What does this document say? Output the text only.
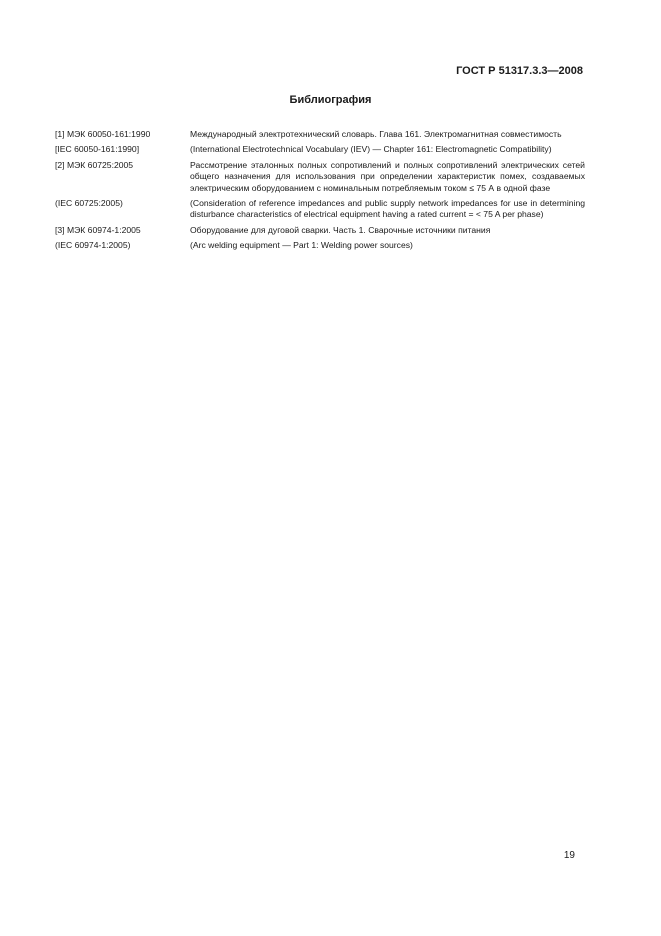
ГОСТ Р 51317.3.3—2008
Библиография
[1] МЭК 60050-161:1990	Международный электротехнический словарь. Глава 161. Электромагнитная совместимость
[IEC 60050-161:1990]	(International Electrotechnical Vocabulary (IEV) — Chapter 161: Electromagnetic Compatibility)
[2] МЭК 60725:2005	Рассмотрение эталонных полных сопротивлений и полных сопротивлений электрических сетей общего назначения для использования при определении характеристик помех, создаваемых электрическим оборудованием с номинальным потребляемым током ≤ 75 А в одной фазе
(IEC 60725:2005)	(Consideration of reference impedances and public supply network impedances for use in determining disturbance characteristics of electrical equipment having a rated current = < 75 A per phase)
[3] МЭК 60974-1:2005	Оборудование для дуговой сварки. Часть 1. Сварочные источники питания
(IEC 60974-1:2005)	(Arc welding equipment — Part 1: Welding power sources)
19
